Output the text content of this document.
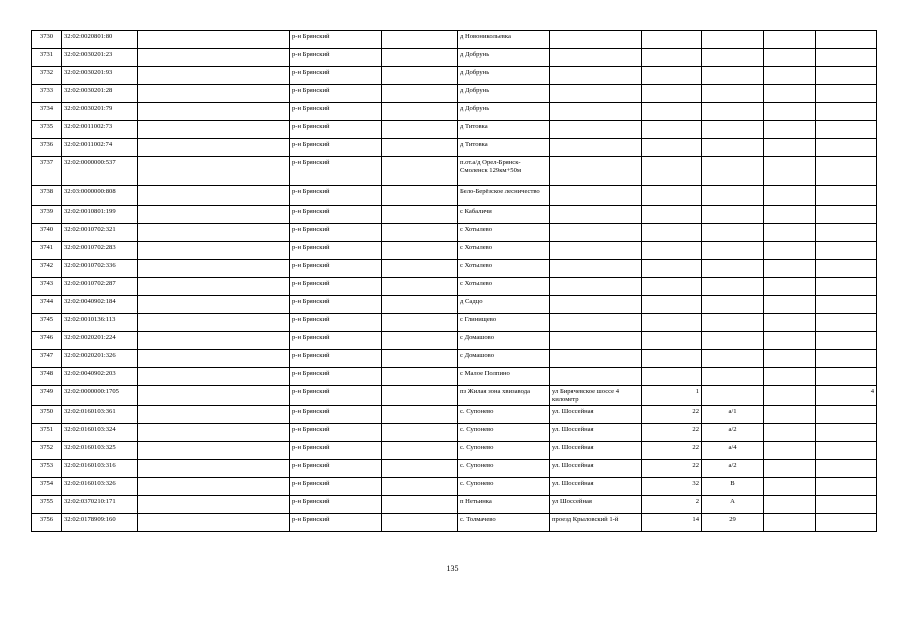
3730	32:02:0020801:80		р-н Брянский		д Новоникольевка					
3731	32:02:0030201:23		р-н Брянский		д Добрунь					
3732	32:02:0030201:93		р-н Брянский		д Добрунь					
3733	32:02:0030201:28		р-н Брянский		д Добрунь					
3734	32:02:0030201:79		р-н Брянский		д Добрунь					
3735	32:02:0011002:73		р-н Брянский		д Титовка					
3736	32:02:0011002:74		р-н Брянский		д Титовка					
3737	32:02:0000000:537		р-н Брянский		п.от.а/д Орел-Брянск-Смоленск 129км+50м					
3738	32:03:0000000:808		р-н Брянский		Бело-Берёзское лесничество					
3739	32:02:0010801:199		р-н Брянский		с Кабаличи					
3740	32:02:0010702:321		р-н Брянский		с Хотылево					
3741	32:02:0010702:283		р-н Брянский		с Хотылево					
3742	32:02:0010702:336		р-н Брянский		с Хотылево					
3743	32:02:0010702:287		р-н Брянский		с Хотылево					
3744	32:02:0040902:184		р-н Брянский		д Садцо					
3745	32:02:0010136:113		р-н Брянский		с Глинищево					
3746	32:02:0020201:224		р-н Брянский		с Домашово					
3747	32:02:0020201:326		р-н Брянский		с Домашово					
3748	32:02:0040902:203		р-н Брянский		с Малое Полпино					
3749	32:02:0000000:1705		р-н Брянский		пз Жилая зона хвизавода	ул Бирячевское шоссе 4 километр	1			4
3750	32:02:0160103:361		р-н Брянский		с. Супонево	ул. Шоссейная	22	а/1		
3751	32:02:0160103:324		р-н Брянский		с. Супонево	ул. Шоссейная	22	а/2		
3752	32:02:0160103:325		р-н Брянский		с. Супонево	ул. Шоссейная	22	а/4		
3753	32:02:0160103:316		р-н Брянский		с. Супонево	ул. Шоссейная	22	а/2		
3754	32:02:0160103:326		р-н Брянский		с. Супонево	ул. Шоссейная	32	В		
3755	32:02:0370210:171		р-н Брянский		п Нетьинка	ул Шоссейная	2	А		
3756	32:02:0178909:160		р-н Брянский		с. Толмачево	проезд Крыловский 1-й	14	29		
135
